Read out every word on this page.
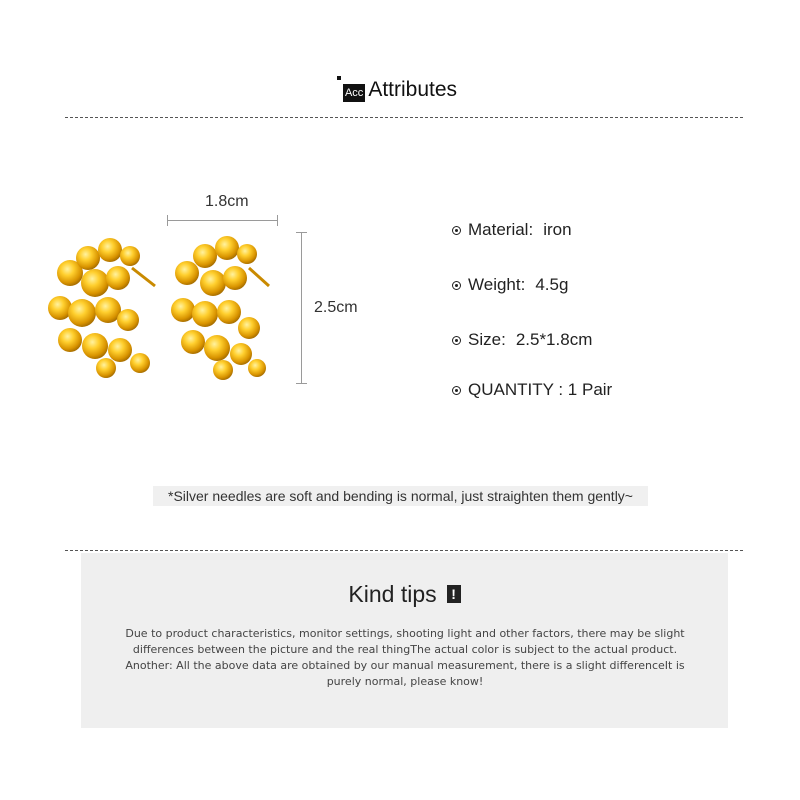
Acc Attributes
1.8cm
2.5cm
Material : iron
Weight : 4.5g
Size : 2.5*1.8cm
QUANTITY : 1 Pair
*Silver needles are soft and bending is normal, just straighten them gently~
Kind tips !
Due to product characteristics, monitor settings, shooting light and other factors, there may be slight differences between the picture and the real thingThe actual color is subject to the actual product. Another: All the above data are obtained by our manual measurement, there is a slight differenceIt is purely normal, please know!
